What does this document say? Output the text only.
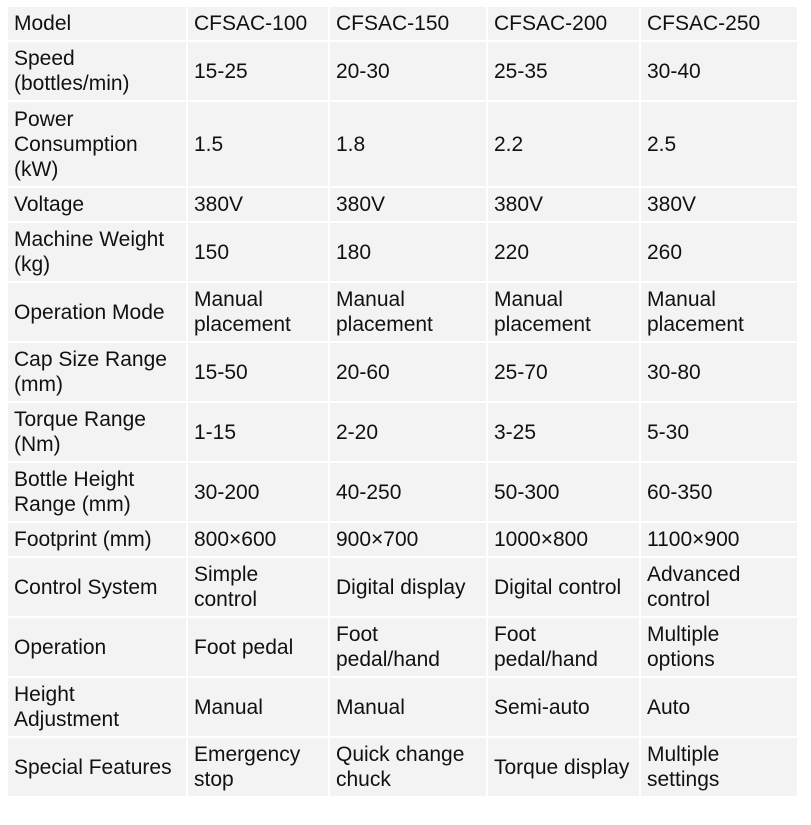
Model	CFSAC-100	CFSAC-150	CFSAC-200	CFSAC-250
Speed (bottles/min)	15-25	20-30	25-35	30-40
Power Consumption (kW)	1.5	1.8	2.2	2.5
Voltage	380V	380V	380V	380V
Machine Weight (kg)	150	180	220	260
Operation Mode	Manual placement	Manual placement	Manual placement	Manual placement
Cap Size Range (mm)	15-50	20-60	25-70	30-80
Torque Range (Nm)	1-15	2-20	3-25	5-30
Bottle Height Range (mm)	30-200	40-250	50-300	60-350
Footprint (mm)	800×600	900×700	1000×800	1100×900
Control System	Simple control	Digital display	Digital control	Advanced control
Operation	Foot pedal	Foot pedal/hand	Foot pedal/hand	Multiple options
Height Adjustment	Manual	Manual	Semi-auto	Auto
Special Features	Emergency stop	Quick change chuck	Torque display	Multiple settings
